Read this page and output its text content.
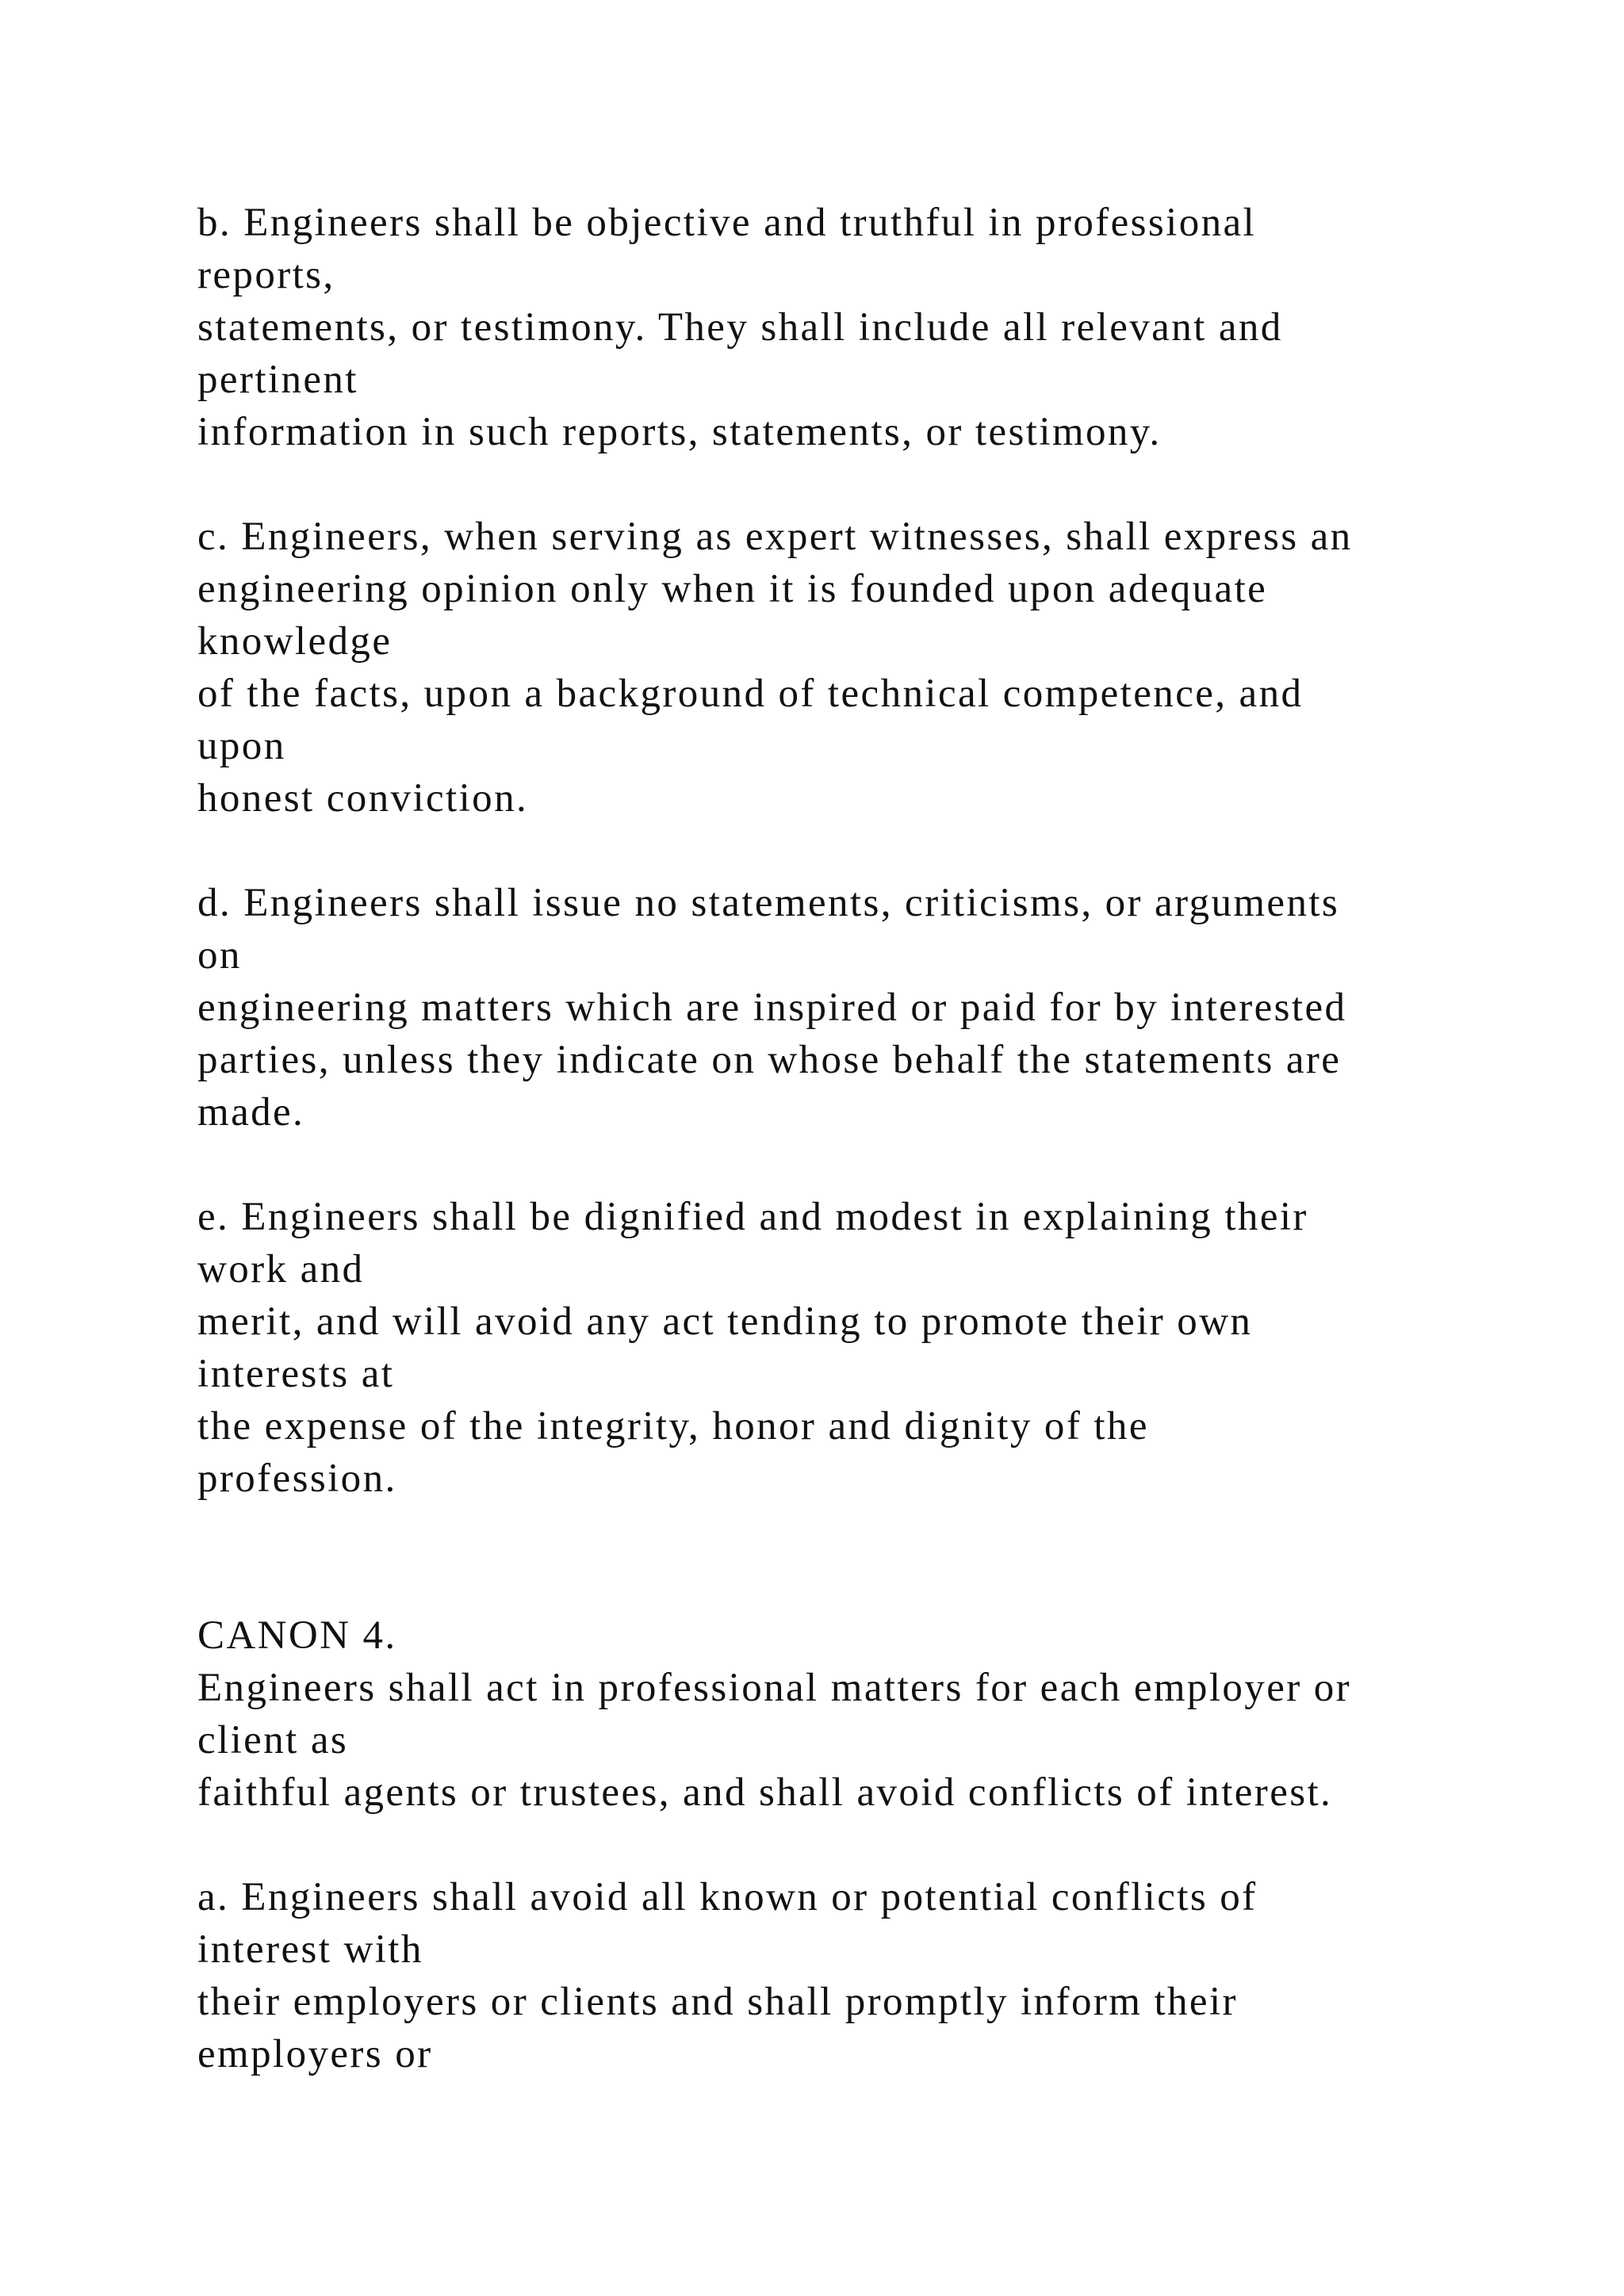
b. Engineers shall be objective and truthful in professional
reports,
statements, or testimony. They shall include all relevant and
pertinent
information in such reports, statements, or testimony.
c. Engineers, when serving as expert witnesses, shall express an
engineering opinion only when it is founded upon adequate
knowledge
of the facts, upon a background of technical competence, and
upon
honest conviction.
d. Engineers shall issue no statements, criticisms, or arguments
on
engineering matters which are inspired or paid for by interested
parties, unless they indicate on whose behalf the statements are
made.
e. Engineers shall be dignified and modest in explaining their
work and
merit, and will avoid any act tending to promote their own
interests at
the expense of the integrity, honor and dignity of the
profession.
CANON 4.
Engineers shall act in professional matters for each employer or
client as
faithful agents or trustees, and shall avoid conflicts of interest.
a. Engineers shall avoid all known or potential conflicts of
interest with
their employers or clients and shall promptly inform their
employers or
